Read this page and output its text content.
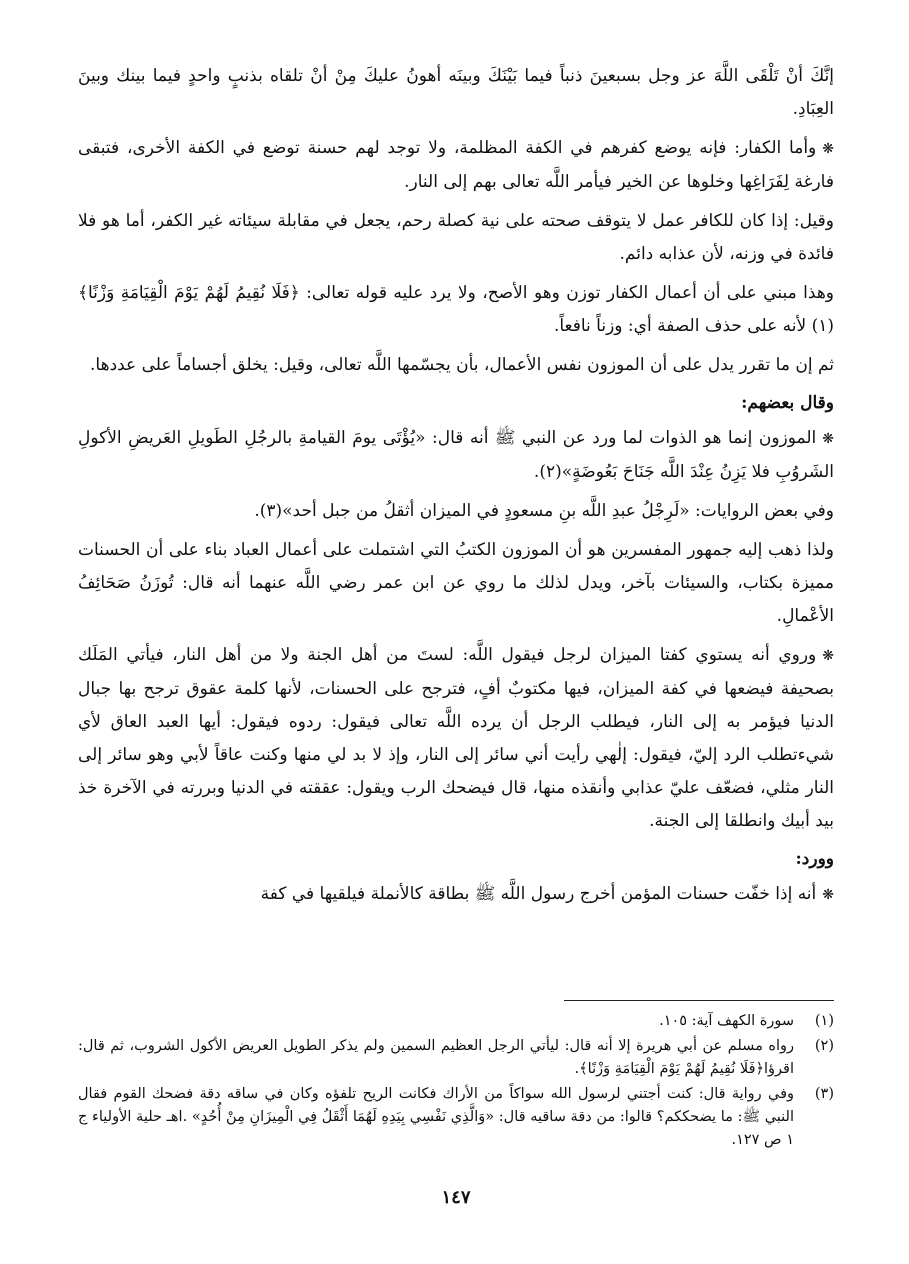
إنَّكَ أنْ تَلْقَى اللَّهَ عز وجل بسبعينَ ذنباً فيما بَيْنَكَ وبينَه أهونُ عليكَ مِنْ أنْ تلقاه بذنبٍ واحدٍ فيما بينك وبينَ العِبَادِ.

❋وأما الكفار: فإنه يوضع كفرهم في الكفة المظلمة، ولا توجد لهم حسنة توضع في الكفة الأخرى، فتبقى فارغة لِفَرَاغِها وخلوها عن الخير فيأمر اللَّه تعالى بهم إلى النار.

وقيل: إذا كان للكافر عمل لا يتوقف صحته على نية كصلة رحم، يجعل في مقابلة سيئاته غير الكفر، أما هو فلا فائدة في وزنه، لأن عذابه دائم.

وهذا مبني على أن أعمال الكفار توزن وهو الأصح، ولا يرد عليه قوله تعالى: ﴿فَلَا نُقِيمُ لَهُمْ يَوْمَ الْقِيَامَةِ وَزْنًا﴾(١) لأنه على حذف الصفة أي: وزناً نافعاً.

ثم إن ما تقرر يدل على أن الموزون نفس الأعمال، بأن يجسّمها اللَّه تعالى، وقيل: يخلق أجساماً على عددها.

وقال بعضهم:

❋الموزون إنما هو الذوات لما ورد عن النبي ﷺ أنه قال: «يُؤْتَى يومَ القيامةِ بالرجُلِ الطَويلِ العَريضِ الأكولِ الشَروُبِ فلا يَزِنُ عِنْدَ اللَّه جَنَاحَ بَعُوضَةٍ»(٢).

وفي بعض الروايات: «لَرِجْلُ عبدِ اللَّه بنِ مسعودٍ في الميزان أثقلُ من جبل أحد»(٣).

ولذا ذهب إليه جمهور المفسرين هو أن الموزون الكتبُ التي اشتملت على أعمال العباد بناء على أن الحسنات مميزة بكتاب، والسيئات بآخر، ويدل لذلك ما روي عن ابن عمر رضي اللَّه عنهما أنه قال: تُوزَنُ صَحَائِفُ الأعْمالِ.

❋وروي أنه يستوي كفتا الميزان لرجل فيقول اللَّه: لستَ من أهل الجنة ولا من أهل النار، فيأتي المَلَك بصحيفة فيضعها في كفة الميزان، فيها مكتوبٌ أفٍ، فترجح على الحسنات، لأنها كلمة عقوق ترجح بها جبال الدنيا فيؤمر به إلى النار، فيطلب الرجل أن يرده اللَّه تعالى فيقول: ردوه فيقول: أيها العبد العاق لأي شيءتطلب الرد إليّ، فيقول: إلٰهي رأيت أني سائر إلى النار، وإذ لا بد لي منها وكنت عاقاً لأبي وهو سائر إلى النار مثلي، فضعّف عليّ عذابي وأنقذه منها، قال فيضحك الرب ويقول: عققته في الدنيا وبررته في الآخرة خذ بيد أبيك وانطلقا إلى الجنة.

وورد:

❋أنه إذا خفّت حسنات المؤمن أخرج رسول اللَّه ﷺ بطاقة كالأنملة فيلقيها في كفة

(١)
سورة الكهف آية: ١٠٥.
(٢)
رواه مسلم عن أبي هريرة إلا أنه قال: ليأتي الرجل العظيم السمين ولم يذكر الطويل العريض الأكول الشروب، ثم قال: اقرؤا﴿فَلَا نُقِيمُ لَهُمْ يَوْمَ الْقِيَامَةِ وَزْنًا﴾.
(٣)
وفي رواية قال: كنت أجتني لرسول الله سواكاً من الأراك فكانت الريح تلفؤه وكان في ساقه دقة فضحك القوم فقال النبي ﷺ: ما يضحككم؟ قالوا: من دقة ساقيه قال: «وَالَّذِي نَفْسِي بِيَدِهِ لَهُمَا أَثْقَلُ فِي الْمِيزَانِ مِنْ أُحُدٍ» .اهـ حلية الأولياء ج ١ ص ١٢٧.
١٤٧
